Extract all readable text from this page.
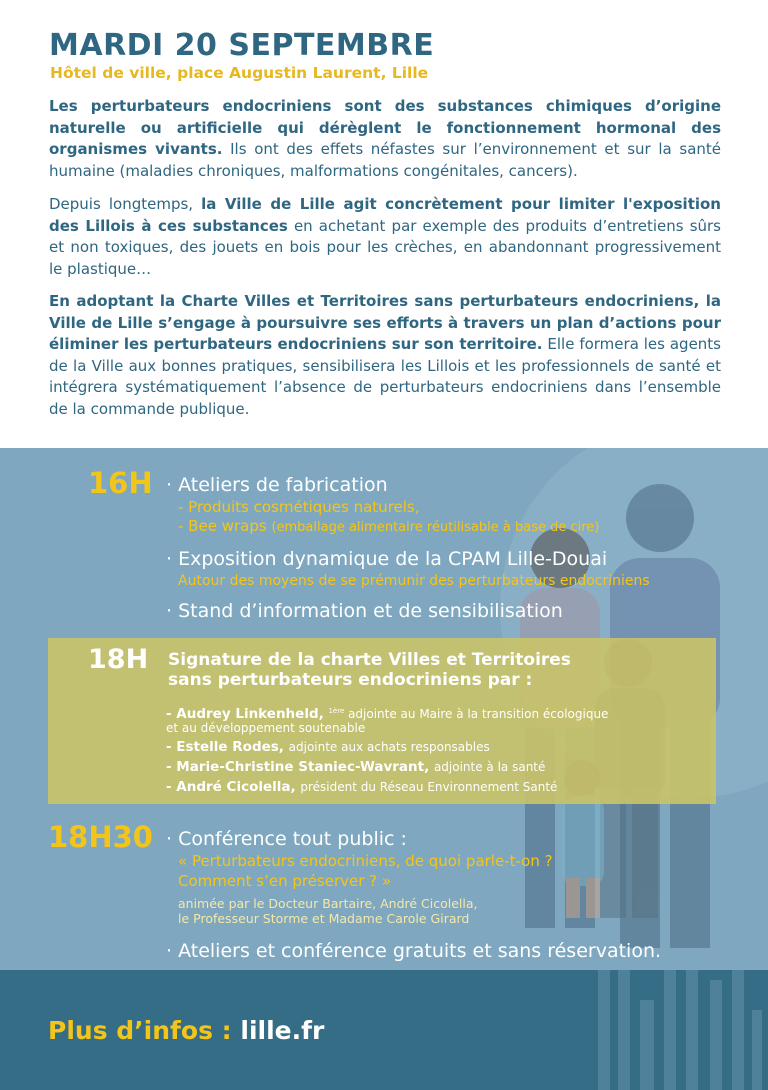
MARDI 20 SEPTEMBRE
Hôtel de ville, place Augustin Laurent, Lille

Les perturbateurs endocriniens sont des substances chimiques d’origine naturelle ou artificielle qui dérèglent le fonctionnement hormonal des organismes vivants. Ils ont des effets néfastes sur l’environnement et sur la santé humaine (maladies chroniques, malformations congénitales, cancers).

Depuis longtemps, la Ville de Lille agit concrètement pour limiter l'exposition des Lillois à ces substances en achetant par exemple des produits d’entretiens sûrs et non toxiques, des jouets en bois pour les crèches, en abandonnant progressivement le plastique…

En adoptant la Charte Villes et Territoires sans perturbateurs endocriniens, la Ville de Lille s’engage à poursuivre ses efforts à travers un plan d’actions pour éliminer les perturbateurs endocriniens sur son territoire. Elle formera les agents de la Ville aux bonnes pratiques, sensibilisera les Lillois et les professionnels de santé et intégrera systématiquement l’absence de perturbateurs endocriniens dans l’ensemble de la commande publique.

16H · Ateliers de fabrication
- Produits cosmétiques naturels,
- Bee wraps (emballage alimentaire réutilisable à base de cire)
· Exposition dynamique de la CPAM Lille-Douai
Autour des moyens de se prémunir des perturbateurs endocriniens
· Stand d’information et de sensibilisation
18H Signature de la charte Villes et Territoires
sans perturbateurs endocriniens par :
- Audrey Linkenheld, $^{1ère}$ adjointe au Maire à la transition écologique
et au développement soutenable
- Estelle Rodes, adjointe aux achats responsables
- Marie-Christine Staniec-Wavrant, adjointe à la santé
- André Cicolella, président du Réseau Environnement Santé
18H30 · Conférence tout public :
« Perturbateurs endocriniens, de quoi parle-t-on ?
Comment s’en préserver ? »
animée par le Docteur Bartaire, André Cicolella,
le Professeur Storme et Madame Carole Girard
· Ateliers et conférence gratuits et sans réservation.
Plus d’infos : lille.fr
